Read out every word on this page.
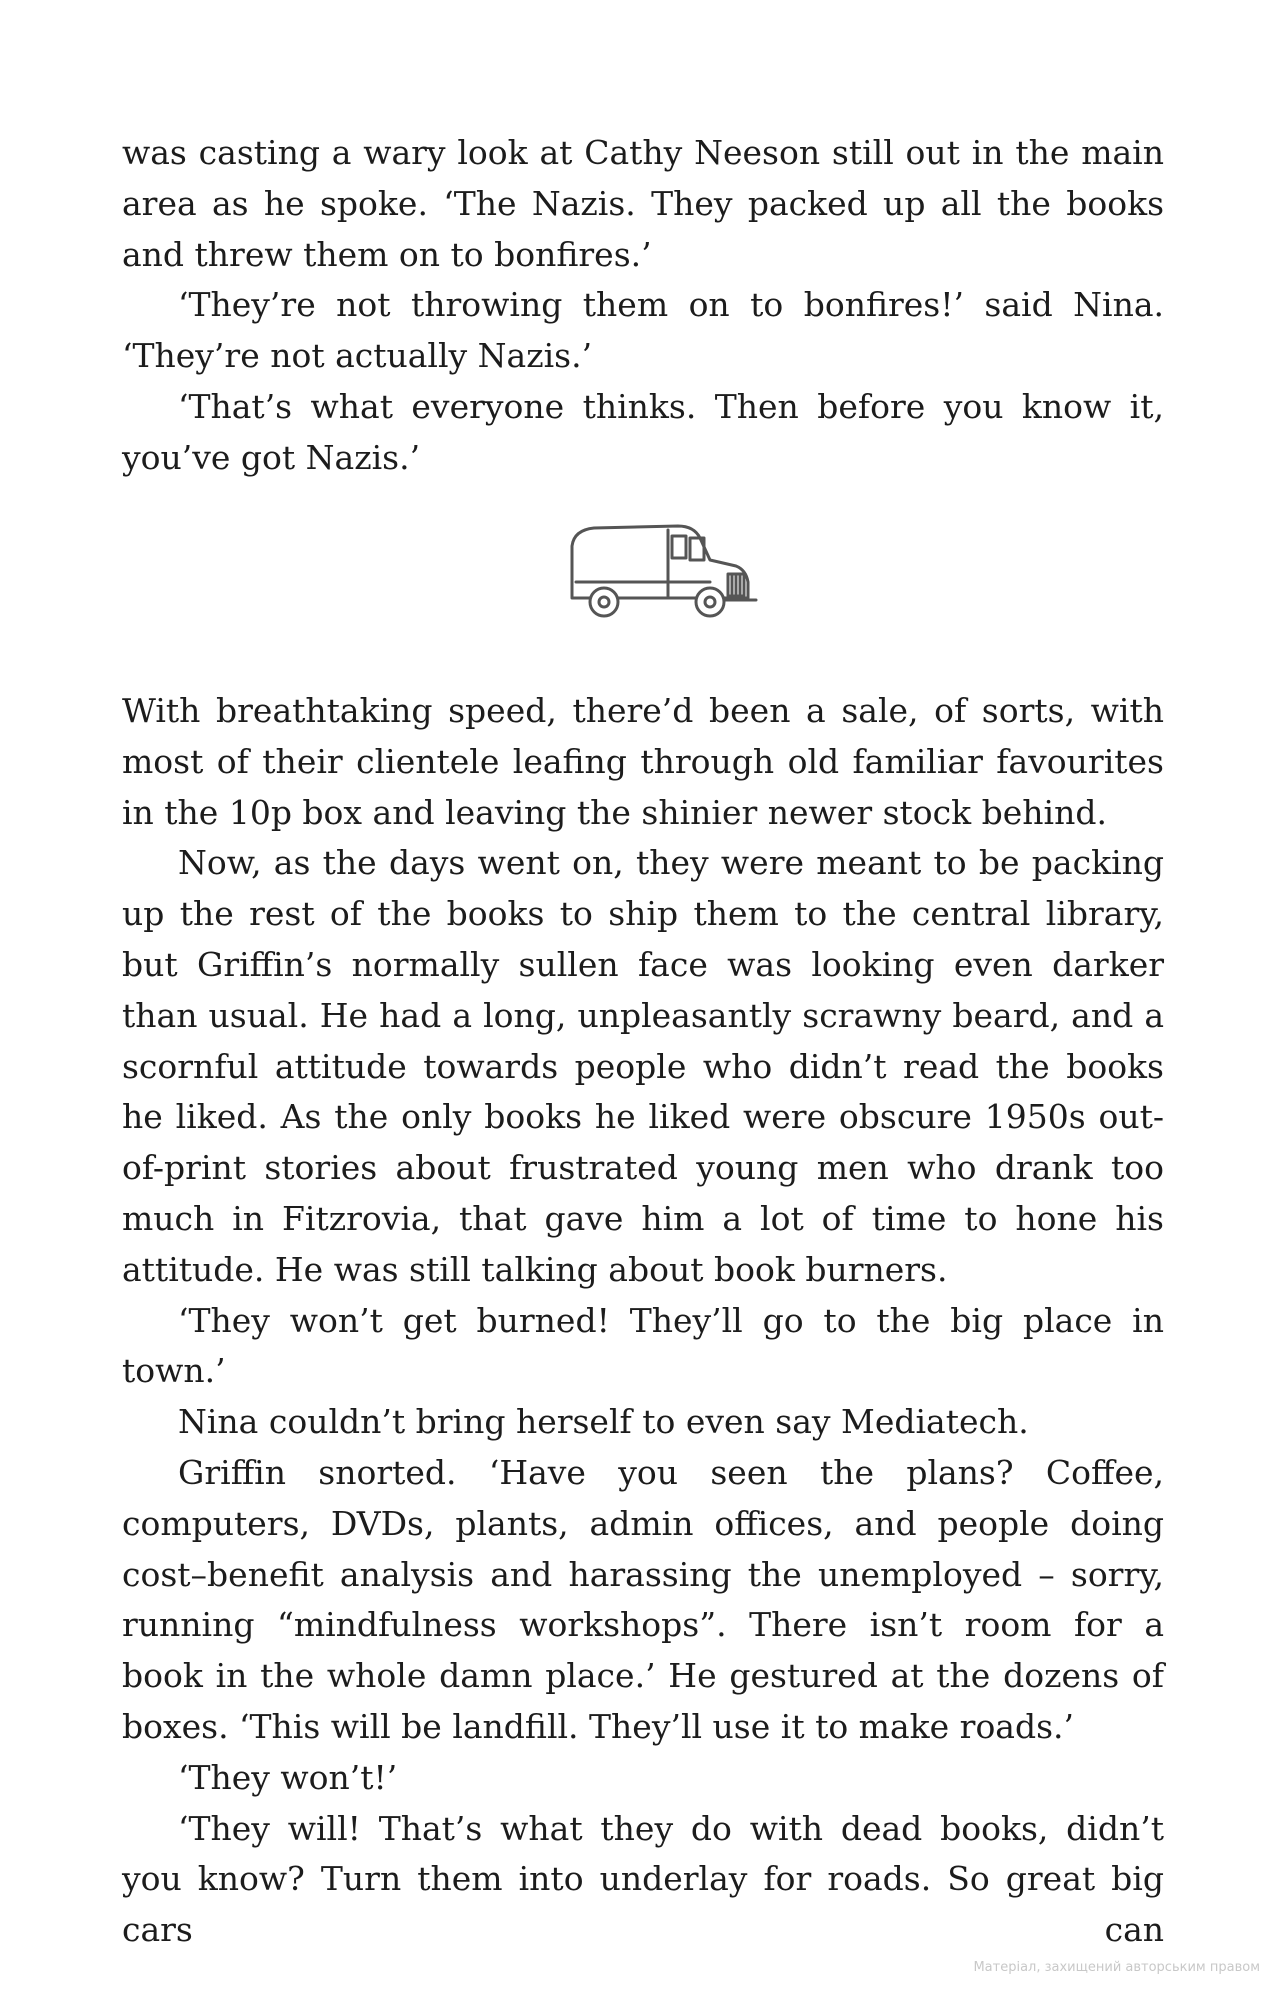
was casting a wary look at Cathy Neeson still out in the main area as he spoke. ‘The Nazis. They packed up all the books and threw them on to bonfires.’

‘They’re not throwing them on to bonfires!’ said Nina. ‘They’re not actually Nazis.’

‘That’s what everyone thinks. Then before you know it, you’ve got Nazis.’

With breathtaking speed, there’d been a sale, of sorts, with most of their clientele leafing through old familiar favourites in the 10p box and leaving the shinier newer stock behind.

Now, as the days went on, they were meant to be packing up the rest of the books to ship them to the central library, but Griffin’s normally sullen face was looking even darker than usual. He had a long, unpleasantly scrawny beard, and a scornful attitude towards people who didn’t read the books he liked. As the only books he liked were obscure 1950s out-of-print stories about frustrated young men who drank too much in Fitzrovia, that gave him a lot of time to hone his attitude. He was still talking about book burners.

‘They won’t get burned! They’ll go to the big place in town.’

Nina couldn’t bring herself to even say Mediatech.

Griffin snorted. ‘Have you seen the plans? Coffee, computers, DVDs, plants, admin offices, and people doing cost–benefit analysis and harassing the unemployed – sorry, running “mindfulness workshops”. There isn’t room for a book in the whole damn place.’ He gestured at the dozens of boxes. ‘This will be landfill. They’ll use it to make roads.’

‘They won’t!’

‘They will! That’s what they do with dead books, didn’t you know? Turn them into underlay for roads. So great big cars can

Матеріал, захищений авторським правом
